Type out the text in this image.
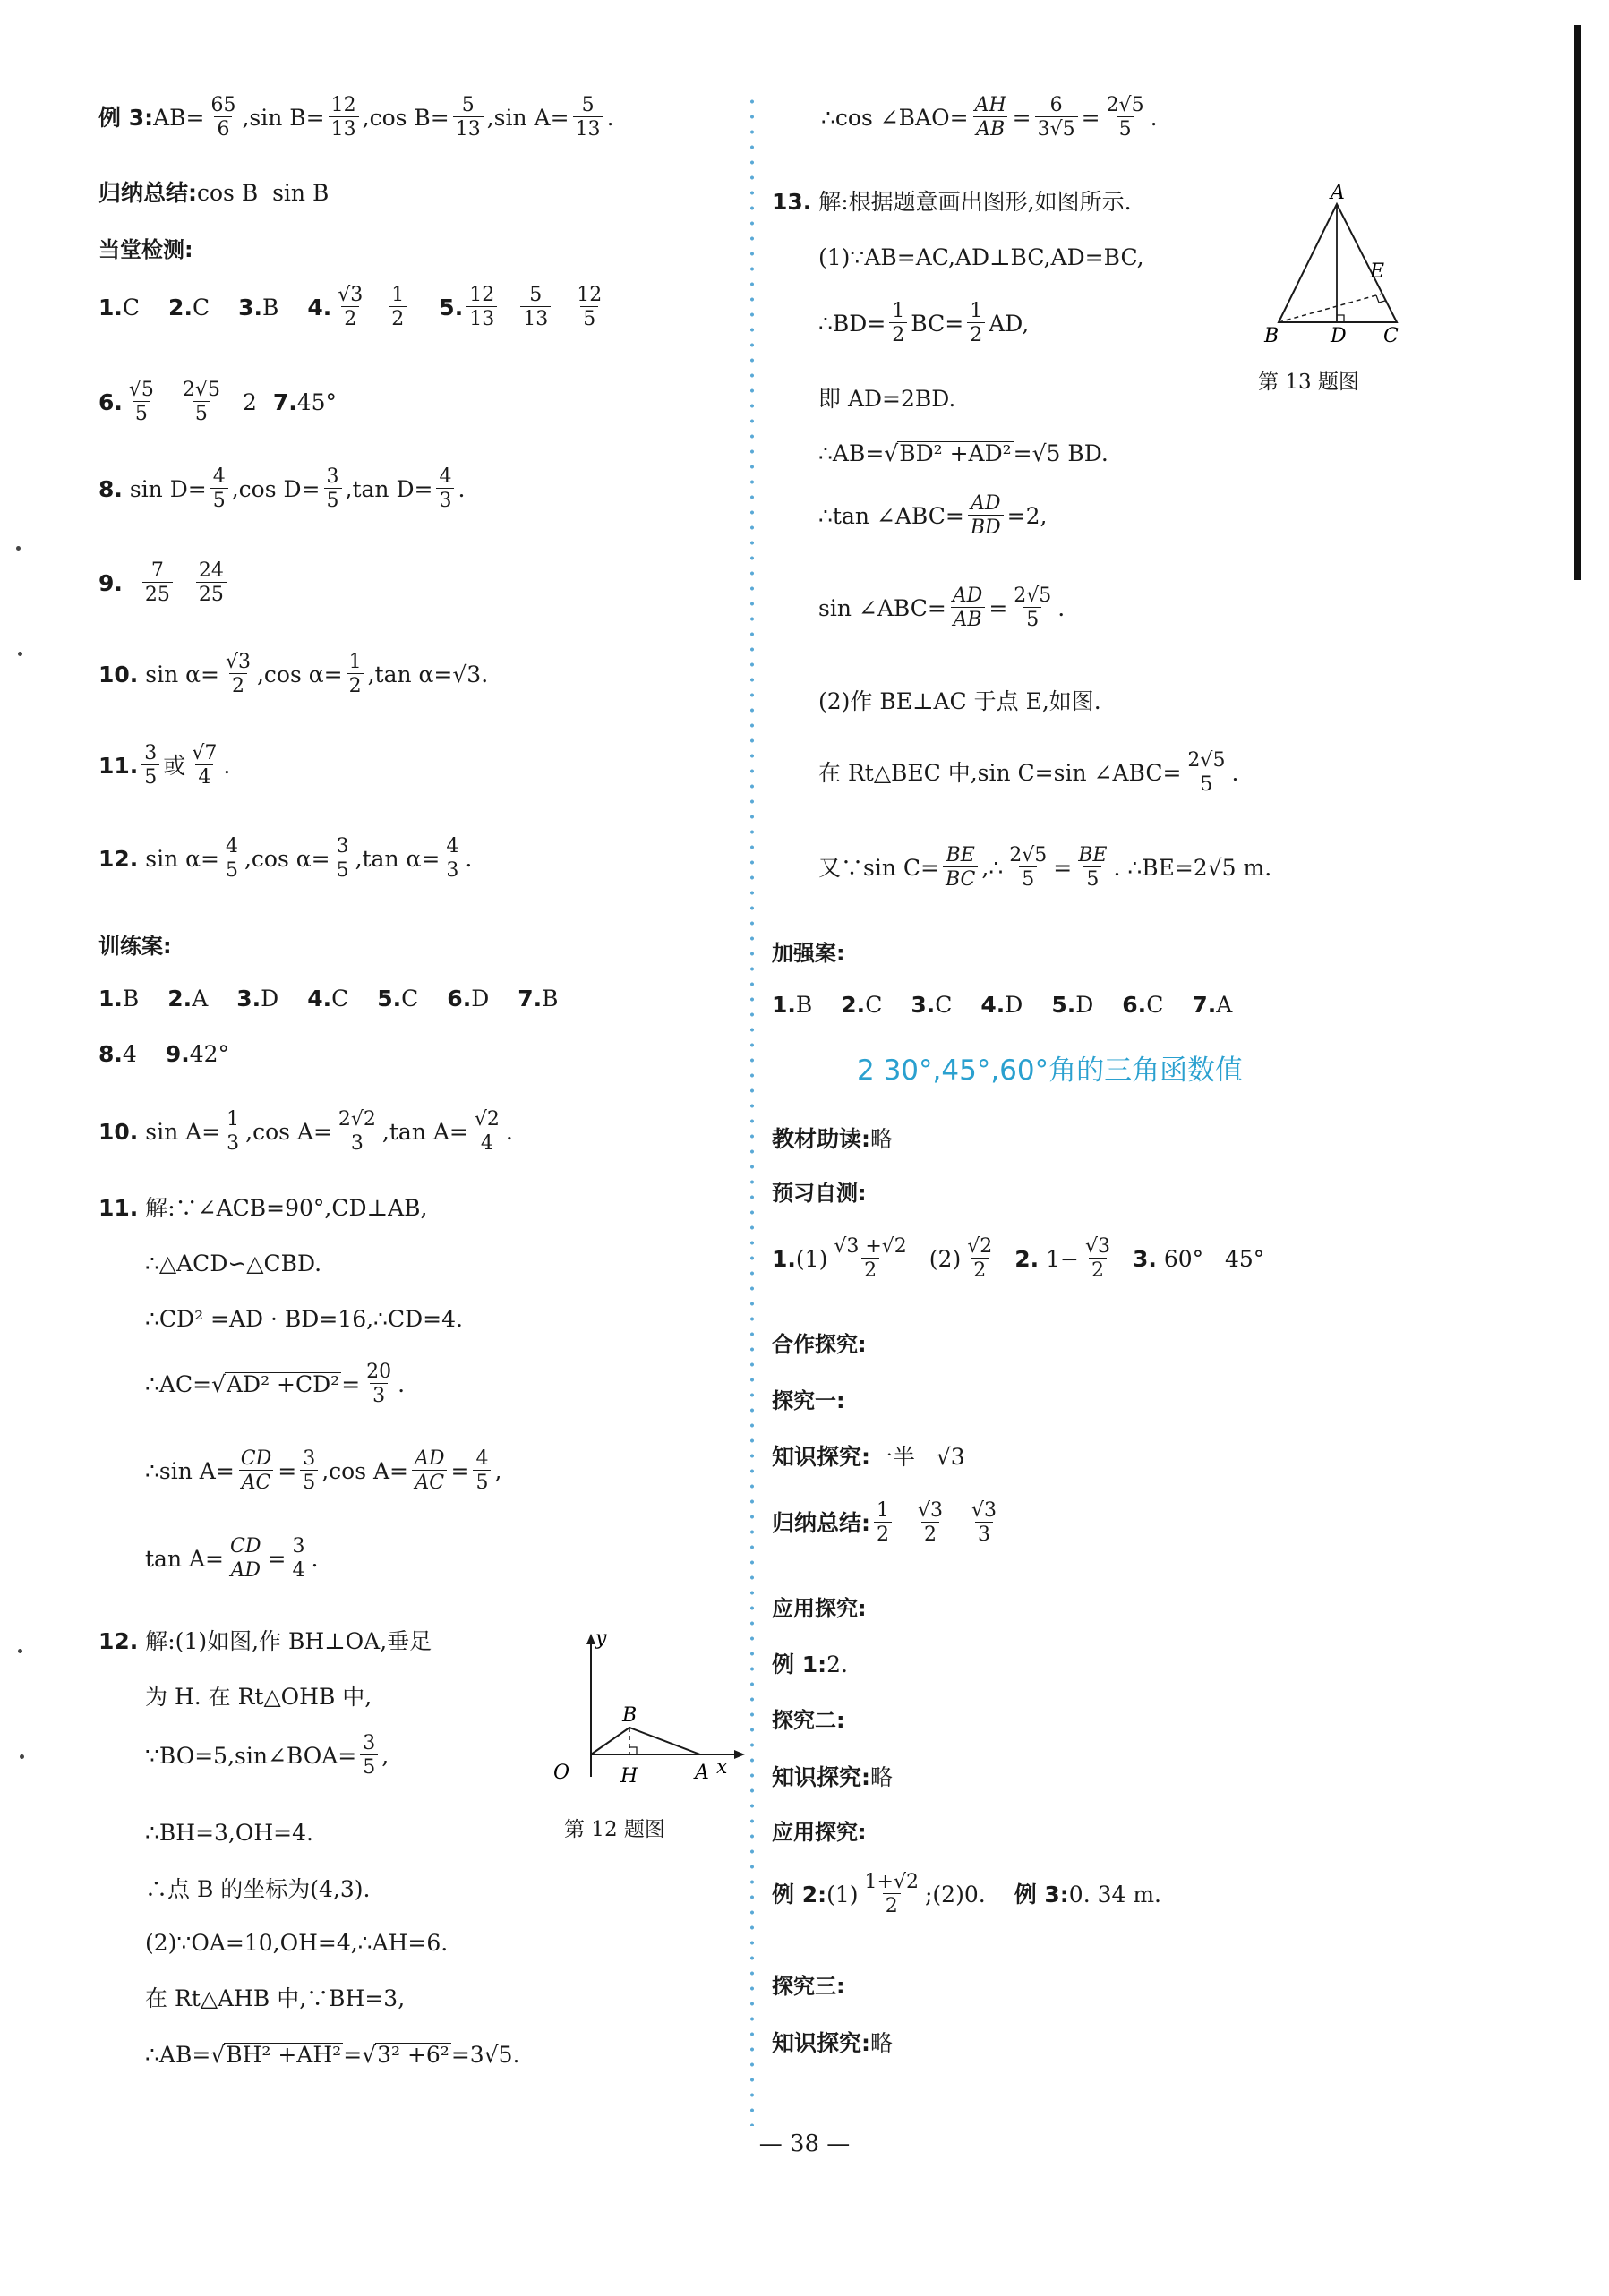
例 3: $AB= \frac{65}{6} ,\sin$ $B= \frac{12}{13} ,\cos$ $B= \frac{5}{13} ,\sin$ $A= \frac{5}{13}$ .
归纳总结: cos B  sin B
当堂检测:
1. C 2. C 3. B 4. $\frac{√3}{2} \frac{1}{2} 5$. $\frac{12}{13} \frac{5}{13} \frac{12}{5}$
6. $\frac{√5}{5} \frac{2√5}{5} 2$ 7. 45°
8.
$\sin D= \frac{4}{5} ,\cos$ $D= \frac{3}{5} ,\tan$ $D= \frac{4}{3}$ .
9. $\frac{7}{25} \frac{24}{25}$
10.
$\sin \alpha= \frac{√3}{2} ,\cos$ $\alpha= \frac{1}{2} ,\tan$ α=√3.
11. $\frac{3}{5}$ 或 $\frac{√7}{4}$ .
12.
$\sin \alpha= \frac{4}{5} ,\cos$ $\alpha= \frac{3}{5} ,\tan$ $\alpha= \frac{4}{3}$ .
训练案:
1. B 2. A 3. D 4. C 5. C 6. D 7. B
8. 4 9. 42°
10.
$\sin A= \frac{1}{3} ,\cos$ $A= \frac{2√2}{3} ,\tan$ $A= \frac{√2}{4}$ .
11.
解:∵∠ACB=90°,CD⊥AB,
∴△ACD∽△CBD.
∴CD² =AD · BD=16,∴CD=4.
∴AC= √ $AD^2 +CD^2 = \frac{20}{3}$ .
∴sin $A= \frac{CD}{AC} = \frac{3}{5} ,\cos$ $A= \frac{AD}{AC} = \frac{4}{5}$ ,
$\tan A= \frac{CD}{AD} = \frac{3}{4}$ .
12.
解:(1)如图,作 BH⊥OA,垂足
为 H. 在 Rt△OHB 中,
∵BO=5,sin∠BOA= $\frac{3}{5}$ ,
∴BH=3,OH=4.
∴点 B 的坐标为(4,3).
(2)∵OA=10,OH=4,∴AH=6.
在 Rt△AHB 中,∵BH=3,
∴AB= √ BH² +AH² = √ 3² +6² =3√5.
y
x
O	H	A
B
第 12 题图
∴cos ∠BAO= $\frac{AH}{AB} = \frac{6}{3√5} = \frac{2√5}{5}$ .
13.
解:根据题意画出图形,如图所示.
(1)∵AB=AC,AD⊥BC,AD=BC,
∴BD= $\frac{1}{2} BC= \frac{1}{2}$ AD,
即 AD=2BD.
∴AB= √ BD² +AD² =√5 BD.
∴tan ∠ABC= $\frac{AD}{BD} =2$,
sin ∠ABC= $\frac{AD}{AB} = \frac{2√5}{5}$ .
(2)作 BE⊥AC 于点 E,如图.
在 Rt△BEC 中,sin C=sin ∠ABC= $\frac{2√5}{5}$ .
又∵sin $C= \frac{BE}{BC}$ ,∴ $\frac{2√5}{5} = \frac{BE}{5}$ . ∴BE=2√5 m.
加强案:
1. B 2. C 3. C 4. D 5. D 6. C 7. A
2 30°,45°,60°角的三角函数值
教材助读: 略
预习自测:
1. $(1) \frac{√3 +√2}{2} (2) \frac{√2}{2} 2$.
$1- \frac{√3}{2} 3$.
60°   45°
合作探究:
探究一:
知识探究: 一半   √3
归纳总结: $\frac{1}{2} \frac{√3}{2} \frac{√3}{3}$
应用探究:
例 1: 2.
探究二:
知识探究: 略
应用探究:
例 2: $(1) \frac{1+√2}{2}$ ;(2)0. 例 3: 0. 34 m.
探究三:
知识探究: 略
A
B	D C
E
第 13 题图
— 38 —
